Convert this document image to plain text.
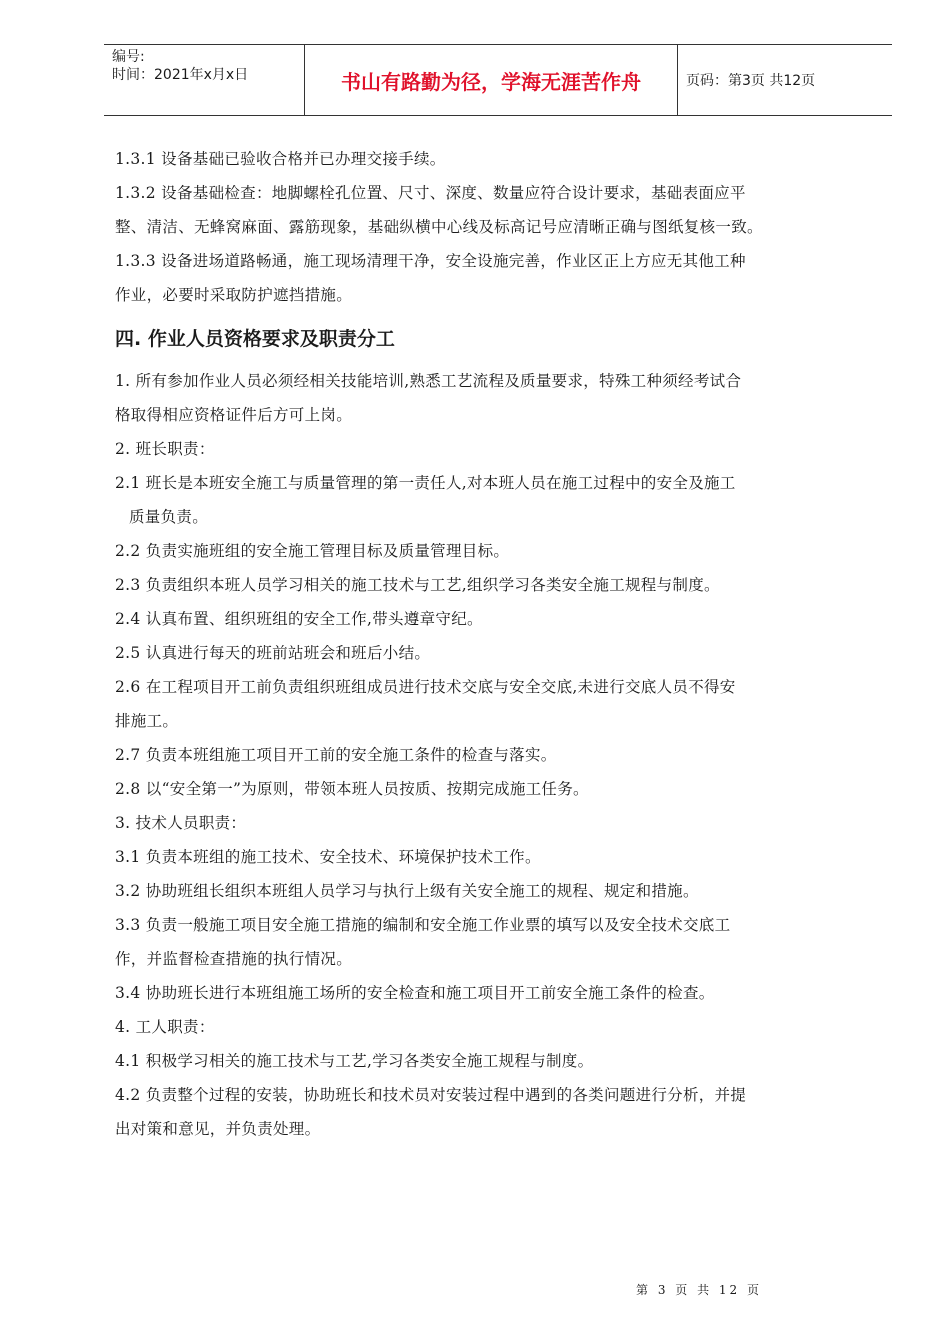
编号:
时间：2021年x月x日	书山有路勤为径，学海无涯苦作舟	页码：第3页 共12页

1.3.1 设备基础已验收合格并已办理交接手续。

1.3.2 设备基础检查：地脚螺栓孔位置、尺寸、深度、数量应符合设计要求，基础表面应平

整、清洁、无蜂窝麻面、露筋现象，基础纵横中心线及标高记号应清晰正确与图纸复核一致。

1.3.3 设备进场道路畅通，施工现场清理干净，安全设施完善，作业区正上方应无其他工种

作业，必要时采取防护遮挡措施。

四. 作业人员资格要求及职责分工

1. 所有参加作业人员必须经相关技能培训,熟悉工艺流程及质量要求，特殊工种须经考试合

格取得相应资格证件后方可上岗。

2. 班长职责：

2.1 班长是本班安全施工与质量管理的第一责任人,对本班人员在施工过程中的安全及施工

质量负责。

2.2 负责实施班组的安全施工管理目标及质量管理目标。

2.3 负责组织本班人员学习相关的施工技术与工艺,组织学习各类安全施工规程与制度。

2.4 认真布置、组织班组的安全工作,带头遵章守纪。

2.5 认真进行每天的班前站班会和班后小结。

2.6 在工程项目开工前负责组织班组成员进行技术交底与安全交底,未进行交底人员不得安

排施工。

2.7 负责本班组施工项目开工前的安全施工条件的检查与落实。

2.8 以“安全第一”为原则，带领本班人员按质、按期完成施工任务。

3. 技术人员职责：

3.1 负责本班组的施工技术、安全技术、环境保护技术工作。

3.2 协助班组长组织本班组人员学习与执行上级有关安全施工的规程、规定和措施。

3.3 负责一般施工项目安全施工措施的编制和安全施工作业票的填写以及安全技术交底工

作，并监督检查措施的执行情况。

3.4 协助班长进行本班组施工场所的安全检查和施工项目开工前安全施工条件的检查。

4. 工人职责：

4.1 积极学习相关的施工技术与工艺,学习各类安全施工规程与制度。

4.2 负责整个过程的安装，协助班长和技术员对安装过程中遇到的各类问题进行分析，并提

出对策和意见，并负责处理。

第 3 页 共 12 页
